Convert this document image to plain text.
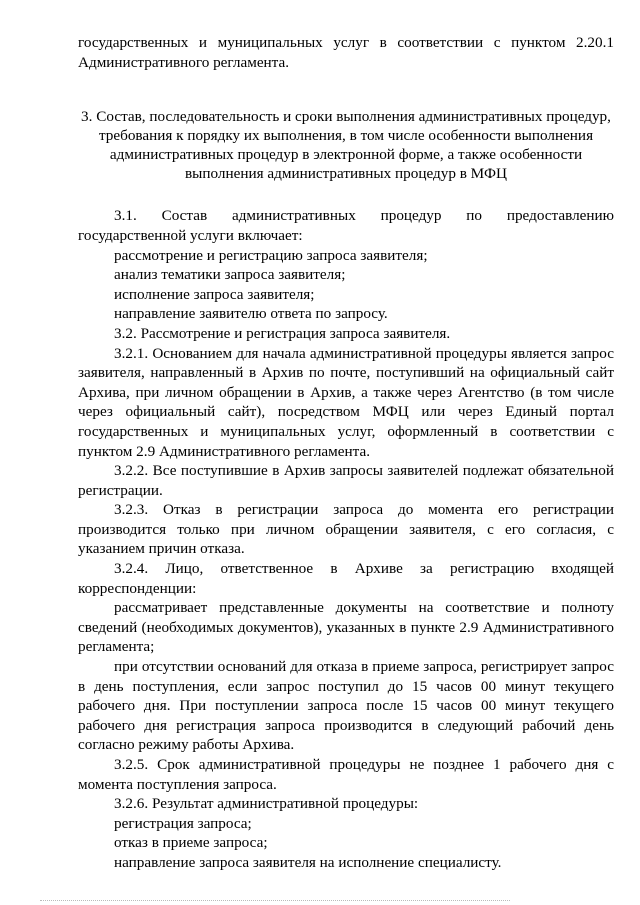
государственных и муниципальных услуг в соответствии с пунктом 2.20.1 Административного регламента.

3. Состав, последовательность и сроки выполнения административных процедур,
требования к порядку их выполнения, в том числе особенности выполнения
административных процедур в электронной форме, а также особенности
выполнения административных процедур в МФЦ
3.1. Состав административных процедур по предоставлению

государственной услуги включает:

рассмотрение и регистрацию запроса заявителя;

анализ тематики запроса заявителя;

исполнение запроса заявителя;

направление заявителю ответа по запросу.

3.2. Рассмотрение и регистрация запроса заявителя.

3.2.1. Основанием для начала административной процедуры является запрос заявителя, направленный в Архив по почте, поступивший на официальный сайт Архива, при личном обращении в Архив, а также через Агентство (в том числе через официальный сайт), посредством МФЦ или через Единый портал государственных и муниципальных услуг, оформленный в соответствии с пунктом 2.9 Административного регламента.

3.2.2. Все поступившие в Архив запросы заявителей подлежат обязательной регистрации.

3.2.3. Отказ в регистрации запроса до момента его регистрации производится только при личном обращении заявителя, с его согласия, с указанием причин отказа.

3.2.4. Лицо, ответственное в Архиве за регистрацию входящей корреспонденции:

рассматривает представленные документы на соответствие и полноту сведений (необходимых документов), указанных в пункте 2.9 Административного регламента;

при отсутствии оснований для отказа в приеме запроса, регистрирует запрос в день поступления, если запрос поступил до 15 часов 00 минут текущего рабочего дня. При поступлении запроса после 15 часов 00 минут текущего рабочего дня регистрация запроса производится в следующий рабочий день согласно режиму работы Архива.

3.2.5. Срок административной процедуры не позднее 1 рабочего дня с момента поступления запроса.

3.2.6. Результат административной процедуры:

регистрация запроса;

отказ в приеме запроса;

направление запроса заявителя на исполнение специалисту.
